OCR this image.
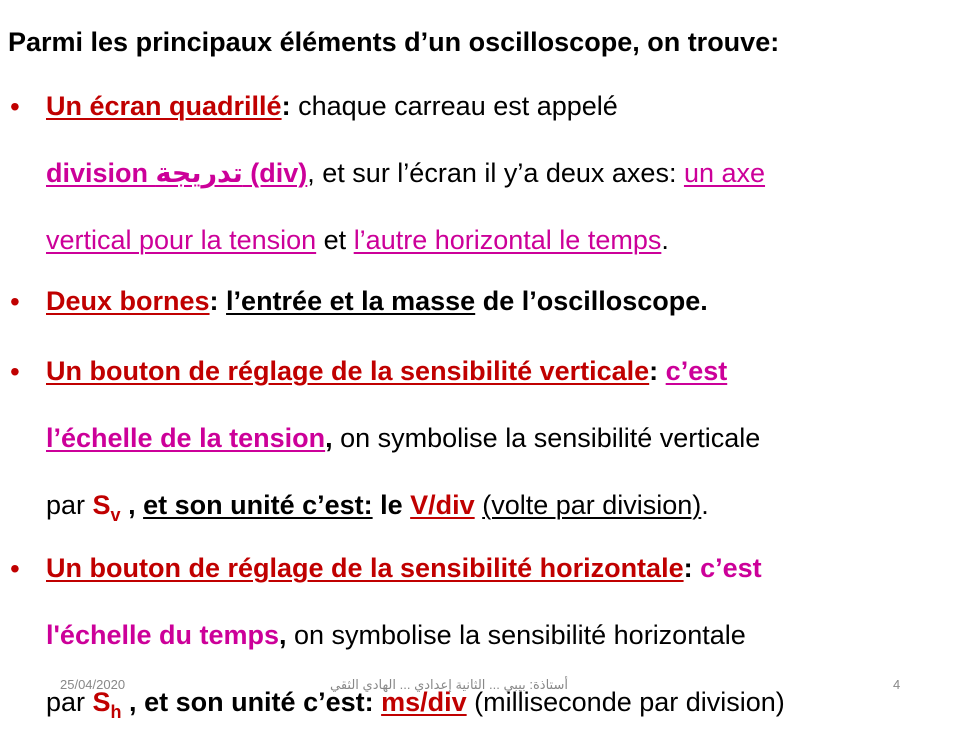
Parmi les principaux éléments d’un oscilloscope, on trouve:
• Un écran quadrillé: chaque carreau est appelé
division تدريجة (div), et sur l’écran il y’a deux axes: un axe
vertical pour la tension et l’autre horizontal le temps.
• Deux bornes: l’entrée et la masse de l’oscilloscope.
• Un bouton de réglage de la sensibilité verticale: c’est
l’échelle de la tension, on symbolise la sensibilité verticale
par $S_v$ , et son unité c’est: le V/div (volte par division).
• Un bouton de réglage de la sensibilité horizontale: c’est
l'échelle du temps, on symbolise la sensibilité horizontale
par $S_h$ , et son unité c’est: ms/div (milliseconde par division)
25/04/2020	أستاذة: بيبي ... الثانية إعدادي ... الهادي الثقي	4
